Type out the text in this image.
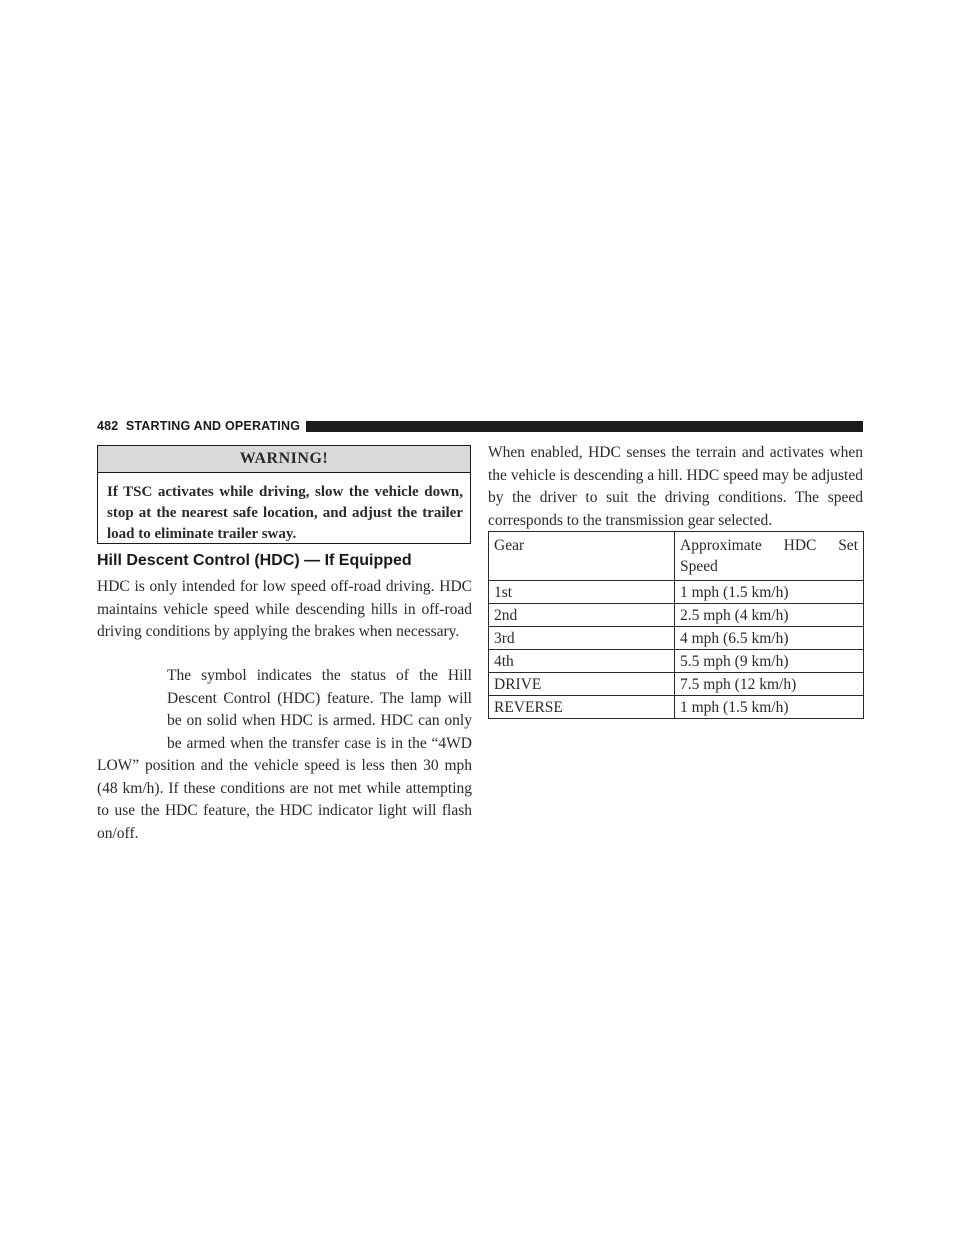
482 STARTING AND OPERATING
WARNING!
If TSC activates while driving, slow the vehicle down, stop at the nearest safe location, and adjust the trailer load to eliminate trailer sway.
Hill Descent Control (HDC) — If Equipped
HDC is only intended for low speed off-road driving. HDC maintains vehicle speed while descending hills in off-road driving conditions by applying the brakes when necessary.
The symbol indicates the status of the Hill Descent Control (HDC) feature. The lamp will be on solid when HDC is armed. HDC can only be armed when the transfer case is in the “4WD LOW” position and the vehicle speed is less then 30 mph (48 km/h). If these conditions are not met while attempting to use the HDC feature, the HDC indicator light will flash on/off.
When enabled, HDC senses the terrain and activates when the vehicle is descending a hill. HDC speed may be adjusted by the driver to suit the driving conditions. The speed corresponds to the transmission gear selected.
Gear	Approximate HDC Set
Speed

1st	1 mph (1.5 km/h)
2nd	2.5 mph (4 km/h)
3rd	4 mph (6.5 km/h)
4th	5.5 mph (9 km/h)
DRIVE	7.5 mph (12 km/h)
REVERSE	1 mph (1.5 km/h)
